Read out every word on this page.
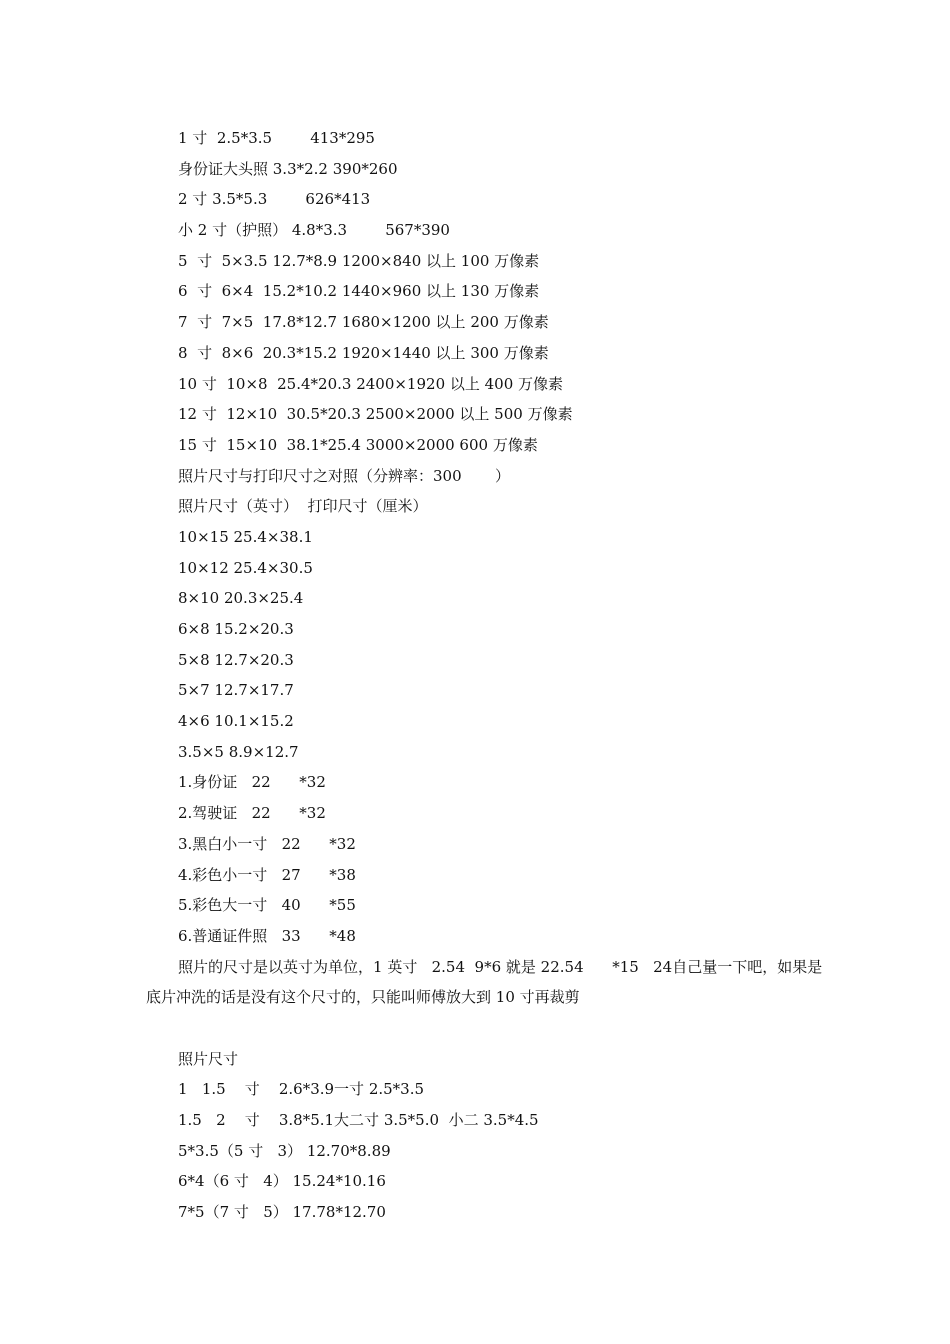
1 寸  2.5*3.5        413*295
身份证大头照 3.3*2.2 390*260
2 寸 3.5*5.3        626*413
小 2 寸（护照） 4.8*3.3        567*390
5  寸  5×3.5 12.7*8.9 1200×840 以上 100 万像素
6  寸  6×4  15.2*10.2 1440×960 以上 130 万像素
7  寸  7×5  17.8*12.7 1680×1200 以上 200 万像素
8  寸  8×6  20.3*15.2 1920×1440 以上 300 万像素
10 寸  10×8  25.4*20.3 2400×1920 以上 400 万像素
12 寸  12×10  30.5*20.3 2500×2000 以上 500 万像素
15 寸  15×10  38.1*25.4 3000×2000 600 万像素
照片尺寸与打印尺寸之对照（分辨率：300       ）
照片尺寸（英寸）  打印尺寸（厘米）
10×15 25.4×38.1
10×12 25.4×30.5
8×10 20.3×25.4
6×8 15.2×20.3
5×8 12.7×20.3
5×7 12.7×17.7
4×6 10.1×15.2
3.5×5 8.9×12.7
1.身份证   22      *32
2.驾驶证   22      *32
3.黑白小一寸   22      *32
4.彩色小一寸   27      *38
5.彩色大一寸   40      *55
6.普通证件照   33      *48
照片的尺寸是以英寸为单位，1 英寸   2.54  9*6 就是 22.54      *15   24自己量一下吧，如果是底片冲洗的话是没有这个尺寸的，只能叫师傅放大到 10 寸再裁剪
照片尺寸
1   1.5    寸    2.6*3.9一寸 2.5*3.5
1.5   2    寸    3.8*5.1大二寸 3.5*5.0  小二 3.5*4.5
5*3.5（5 寸   3） 12.70*8.89
6*4（6 寸   4） 15.24*10.16
7*5（7 寸   5） 17.78*12.70
